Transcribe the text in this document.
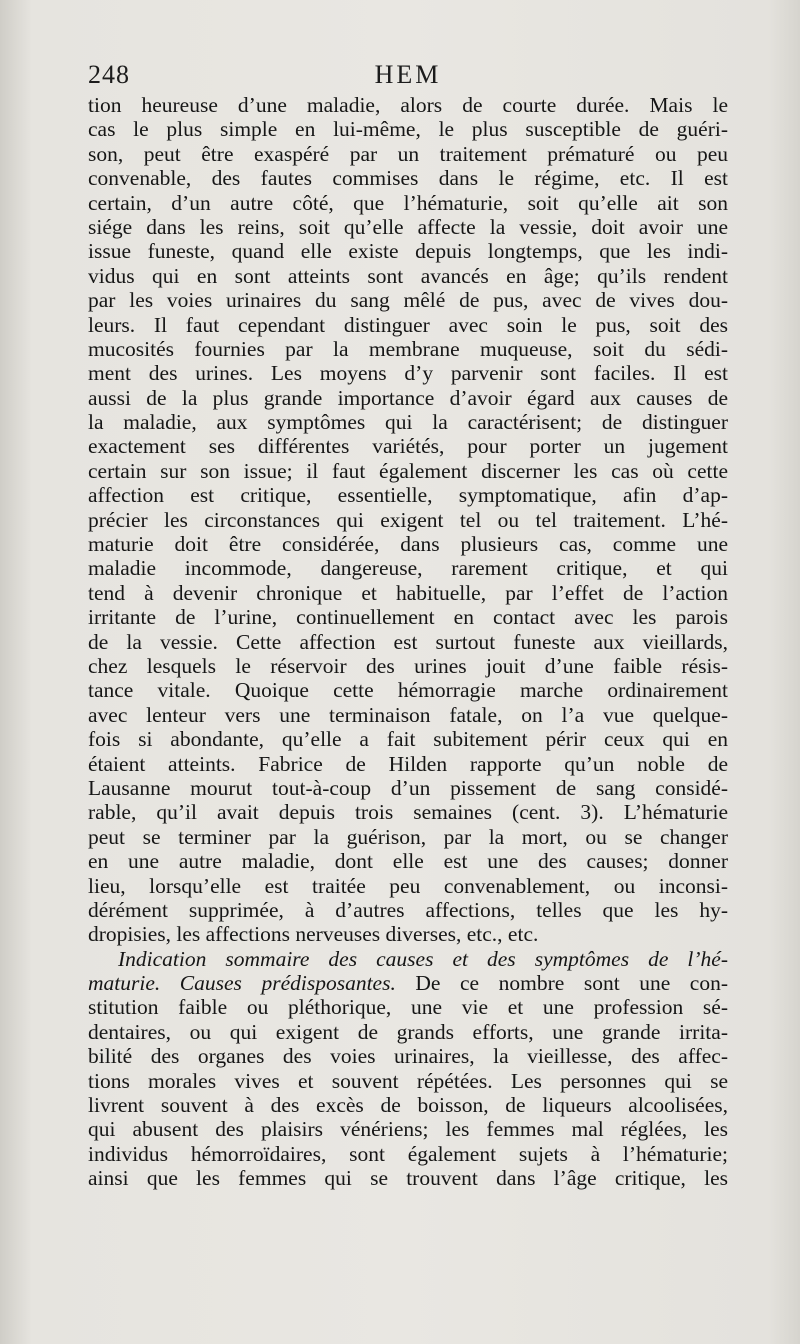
248	HEM
tion heureuse d’une maladie, alors de courte durée. Mais le
cas le plus simple en lui-même, le plus susceptible de guéri-
son, peut être exaspéré par un traitement prématuré ou peu
convenable, des fautes commises dans le régime, etc. Il est
certain, d’un autre côté, que l’hématurie, soit qu’elle ait son
siége dans les reins, soit qu’elle affecte la vessie, doit avoir une
issue funeste, quand elle existe depuis longtemps, que les indi-
vidus qui en sont atteints sont avancés en âge; qu’ils rendent
par les voies urinaires du sang mêlé de pus, avec de vives dou-
leurs. Il faut cependant distinguer avec soin le pus, soit des
mucosités fournies par la membrane muqueuse, soit du sédi-
ment des urines. Les moyens d’y parvenir sont faciles. Il est
aussi de la plus grande importance d’avoir égard aux causes de
la maladie, aux symptômes qui la caractérisent; de distinguer
exactement ses différentes variétés, pour porter un jugement
certain sur son issue; il faut également discerner les cas où cette
affection est critique, essentielle, symptomatique, afin d’ap-
précier les circonstances qui exigent tel ou tel traitement. L’hé-
maturie doit être considérée, dans plusieurs cas, comme une
maladie incommode, dangereuse, rarement critique, et qui
tend à devenir chronique et habituelle, par l’effet de l’action
irritante de l’urine, continuellement en contact avec les parois
de la vessie. Cette affection est surtout funeste aux vieillards,
chez lesquels le réservoir des urines jouit d’une faible résis-
tance vitale. Quoique cette hémorragie marche ordinairement
avec lenteur vers une terminaison fatale, on l’a vue quelque-
fois si abondante, qu’elle a fait subitement périr ceux qui en
étaient atteints. Fabrice de Hilden rapporte qu’un noble de
Lausanne mourut tout-à-coup d’un pissement de sang considé-
rable, qu’il avait depuis trois semaines (cent. 3). L’hématurie
peut se terminer par la guérison, par la mort, ou se changer
en une autre maladie, dont elle est une des causes; donner
lieu, lorsqu’elle est traitée peu convenablement, ou inconsi-
dérément supprimée, à d’autres affections, telles que les hy-
dropisies, les affections nerveuses diverses, etc., etc.
Indication sommaire des causes et des symptômes de l’hé-
maturie. Causes prédisposantes. De ce nombre sont une con-
stitution faible ou pléthorique, une vie et une profession sé-
dentaires, ou qui exigent de grands efforts, une grande irrita-
bilité des organes des voies urinaires, la vieillesse, des affec-
tions morales vives et souvent répétées. Les personnes qui se
livrent souvent à des excès de boisson, de liqueurs alcoolisées,
qui abusent des plaisirs vénériens; les femmes mal réglées, les
individus hémorroïdaires, sont également sujets à l’hématurie;
ainsi que les femmes qui se trouvent dans l’âge critique, les
